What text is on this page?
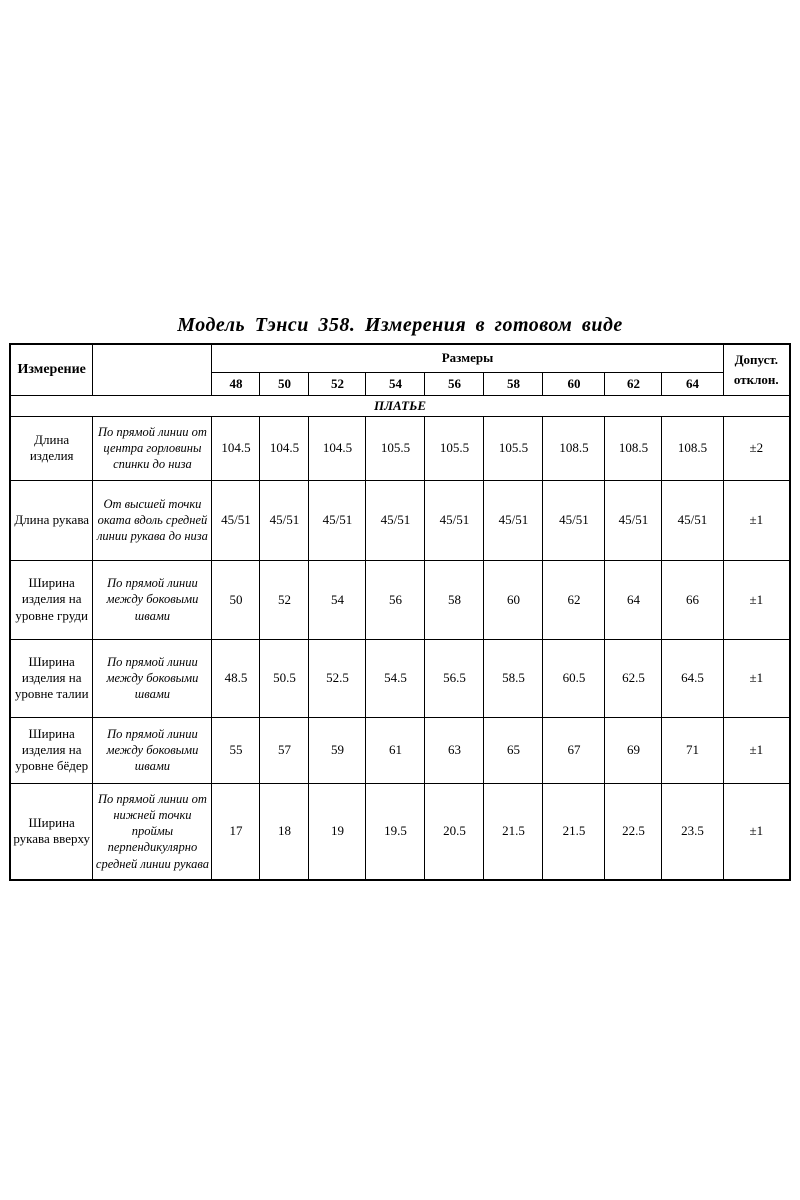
Модель Тэнси 358. Измерения в готовом виде
Измерение		Размеры									Допуст. отклон.
		48	50	52	54	56	58	60	62	64	
ПЛАТЬЕ											
Длина изделия	По прямой линии от центра горловины спинки до низа	104.5	104.5	104.5	105.5	105.5	105.5	108.5	108.5	108.5	±2
Длина рукава	От высшей точки оката вдоль средней линии рукава до низа	45/51	45/51	45/51	45/51	45/51	45/51	45/51	45/51	45/51	±1
Ширина изделия на уровне груди	По прямой линии между боковыми швами	50	52	54	56	58	60	62	64	66	±1
Ширина изделия на уровне талии	По прямой линии между боковыми швами	48.5	50.5	52.5	54.5	56.5	58.5	60.5	62.5	64.5	±1
Ширина изделия на уровне бёдер	По прямой линии между боковыми швами	55	57	59	61	63	65	67	69	71	±1
Ширина рукава вверху	По прямой линии от нижней точки проймы перпендикулярно средней линии рукава	17	18	19	19.5	20.5	21.5	21.5	22.5	23.5	±1
